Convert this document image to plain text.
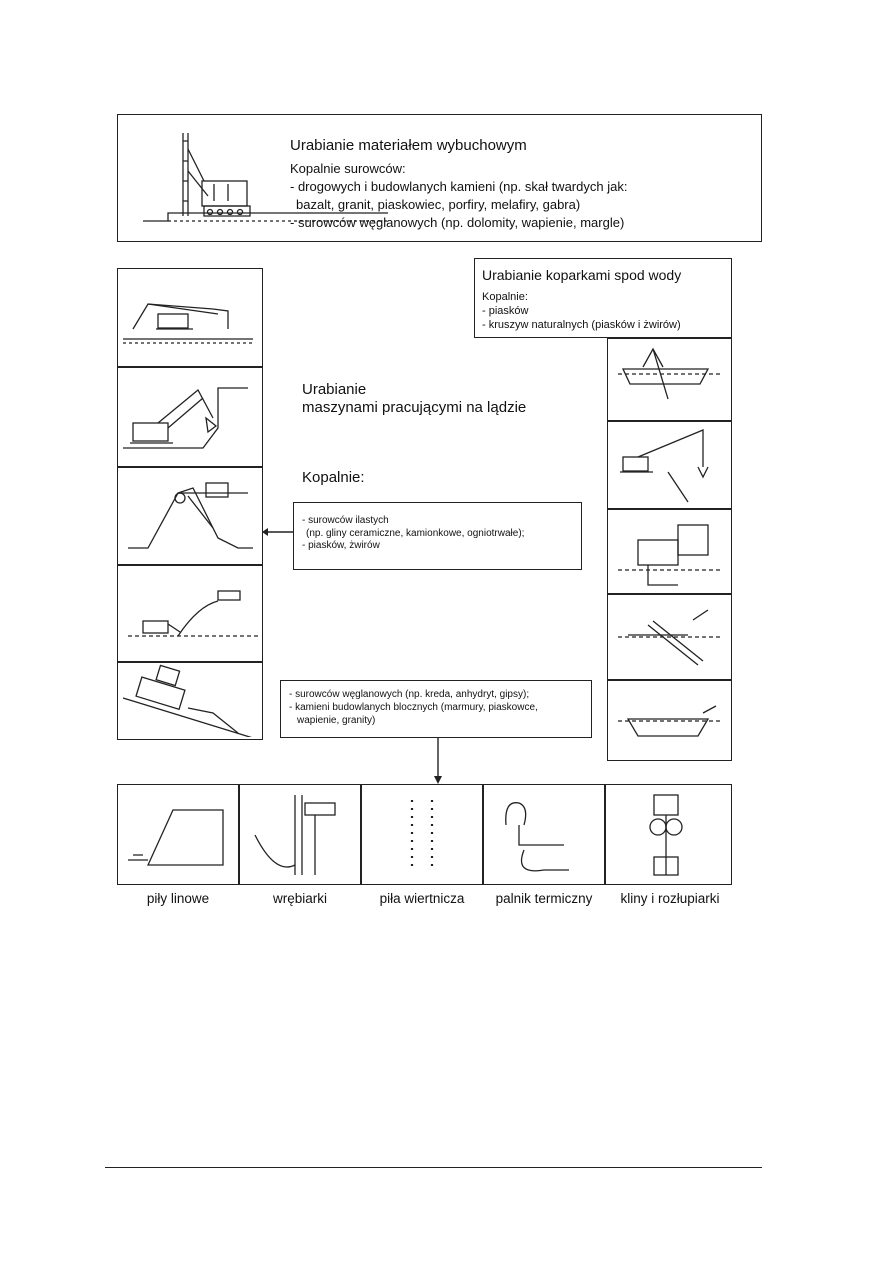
Urabianie materiałem wybuchowym
Kopalnie surowców:
- drogowych i budowlanych kamieni (np. skał twardych jak:
bazalt, granit, piaskowiec, porfiry, melafiry, gabra)
- surowców węglanowych (np. dolomity, wapienie, margle)
Urabianie
maszynami pracującymi na lądzie
Kopalnie:
- surowców ilastych
(np. gliny ceramiczne, kamionkowe, ogniotrwałe);
- piasków, żwirów
- surowców węglanowych (np. kreda, anhydryt, gipsy);
- kamieni budowlanych blocznych (marmury, piaskowce,
wapienie, granity)
Urabianie koparkami spod wody
Kopalnie:
- piasków
- kruszyw naturalnych (piasków i żwirów)
piły linowe	wrębiarki	piła wiertnicza	palnik termiczny	kliny i rozłupiarki
